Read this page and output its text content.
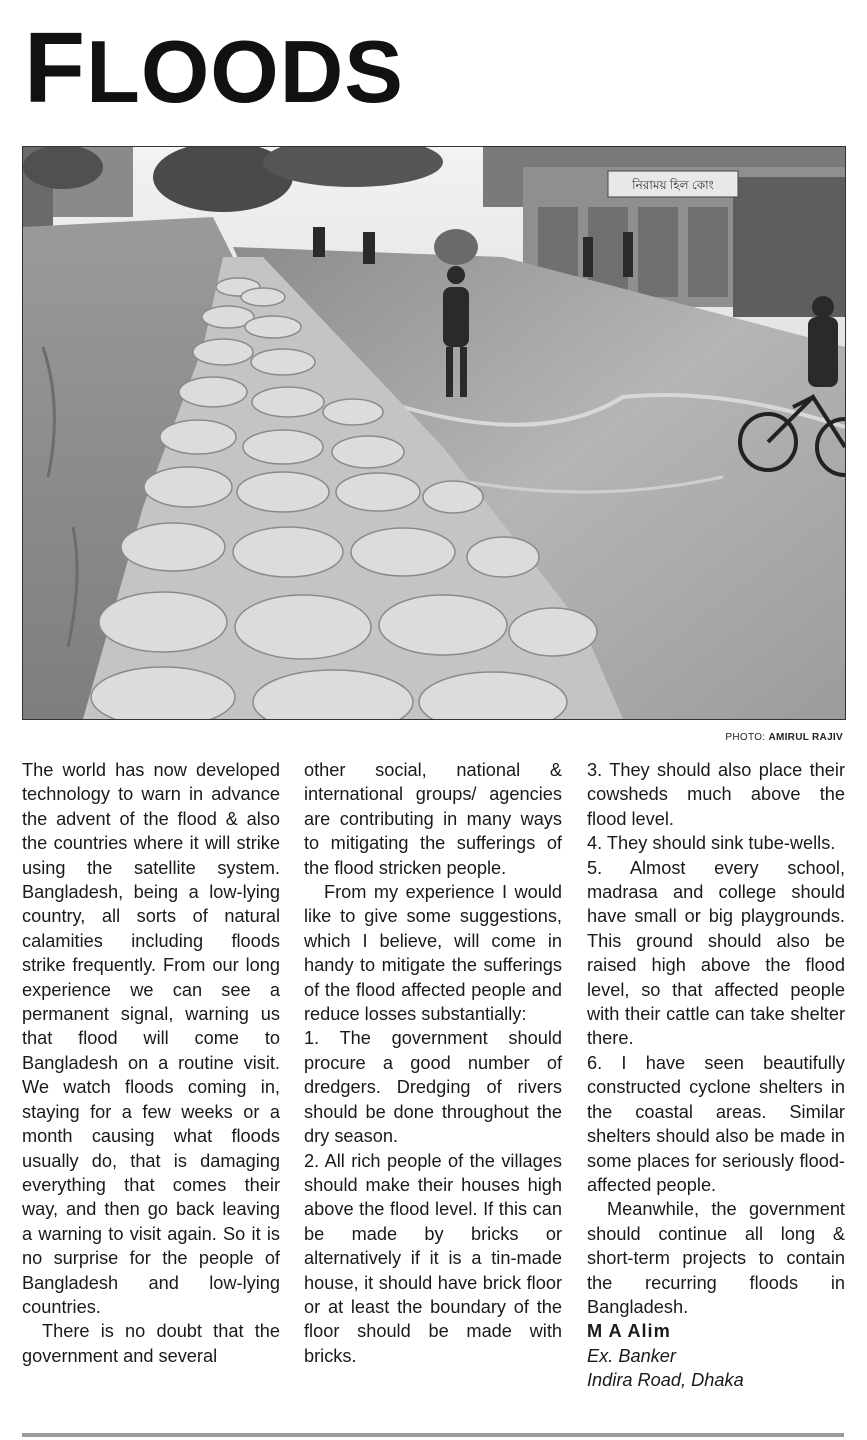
FLOODS
নিরাময় হিল কোং
PHOTO: AMIRUL RAJIV

The world has now developed technology to warn in advance the advent of the flood & also the countries where it will strike using the satellite system. Bangladesh, being a low-lying country, all sorts of natural calamities including floods strike frequently. From our long experience we can see a permanent signal, warning us that flood will come to Bangladesh on a routine visit. We watch floods coming in, staying for a few weeks or a month causing what floods usually do, that is damaging everything that comes their way, and then go back leaving a warning to visit again. So it is no surprise for the people of Bangladesh and low-lying countries.

There is no doubt that the government and several

other social, national & international groups/ agencies are contributing in many ways to mitigating the sufferings of the flood stricken people.

From my experience I would like to give some suggestions, which I believe, will come in handy to mitigate the sufferings of the flood affected people and reduce losses substantially:

1. The government should procure a good number of dredgers. Dredging of rivers should be done throughout the dry season.

2. All rich people of the villages should make their houses high above the flood level. If this can be made by bricks or alternatively if it is a tin-made house, it should have brick floor or at least the boundary of the floor should be made with bricks.

3. They should also place their cowsheds much above the flood level.

4. They should sink tube-wells.

5. Almost every school, madrasa and college should have small or big playgrounds. This ground should also be raised high above the flood level, so that affected people with their cattle can take shelter there.

6. I have seen beautifully constructed cyclone shelters in the coastal areas. Similar shelters should also be made in some places for seriously flood-affected people.

Meanwhile, the government should continue all long & short-term projects to contain the recurring floods in Bangladesh.

M A Alim

Ex. Banker

Indira Road, Dhaka
